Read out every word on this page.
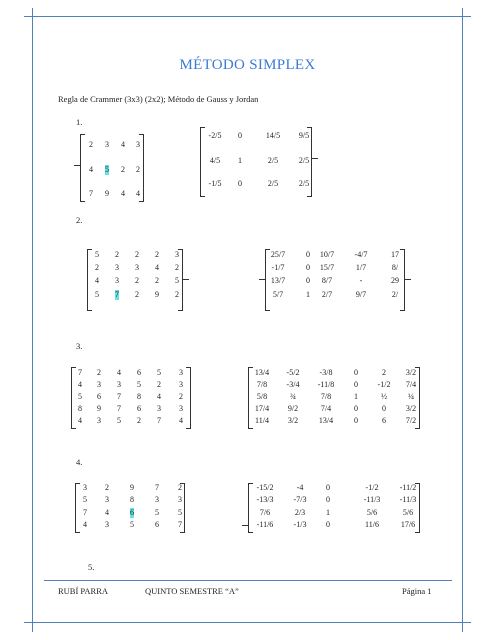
MÉTODO SIMPLEX
Regla de Crammer (3x3) (2x2); Método de Gauss y Jordan
1.
2.
3.
4.
5.
2 3 4 3
4 5 2 2
7 9 4 4
-2/5 0	14/5 9/5
4/5 1	2/5	2/5
-1/5 0	2/5	2/5
5 2 2 2 3
2 3 3 4 2
4 3 2 2 5
5 7 2 9 2
25/7	0 10/7	-4/7	17
-1/7	0 15/7	1/7	8/
13/7	0 8/7	-	29
5/7	1 2/7	9/7	2/
7 2 4 6 5 3
4 3 3 5 2 3
5 6 7 8 4 2
8 9 7 6 3 3
4 3 5 2 7 4
13/4 -5/2	-3/8	0	2 3/2
7/8 -3/4 -11/8 0 -1/2 7/4
5/8	¾	7/8	1	½	¼
17/4 9/2	7/4	0	0 3/2
11/4 3/2	13/4	0	6 7/2
3 2	9	7 2
5 3	8	3 3
7 4	6	5 5
4 3	5	6 7
-15/2	-4	0	-1/2	-11/2
-13/3	-7/3 0	-11/3 -11/3
7/6	2/3	1	5/6	5/6
-11/6	-1/3 0	11/6	17/6
RUBÍ PARRA	QUINTO SEMESTRE “A”	Página 1
